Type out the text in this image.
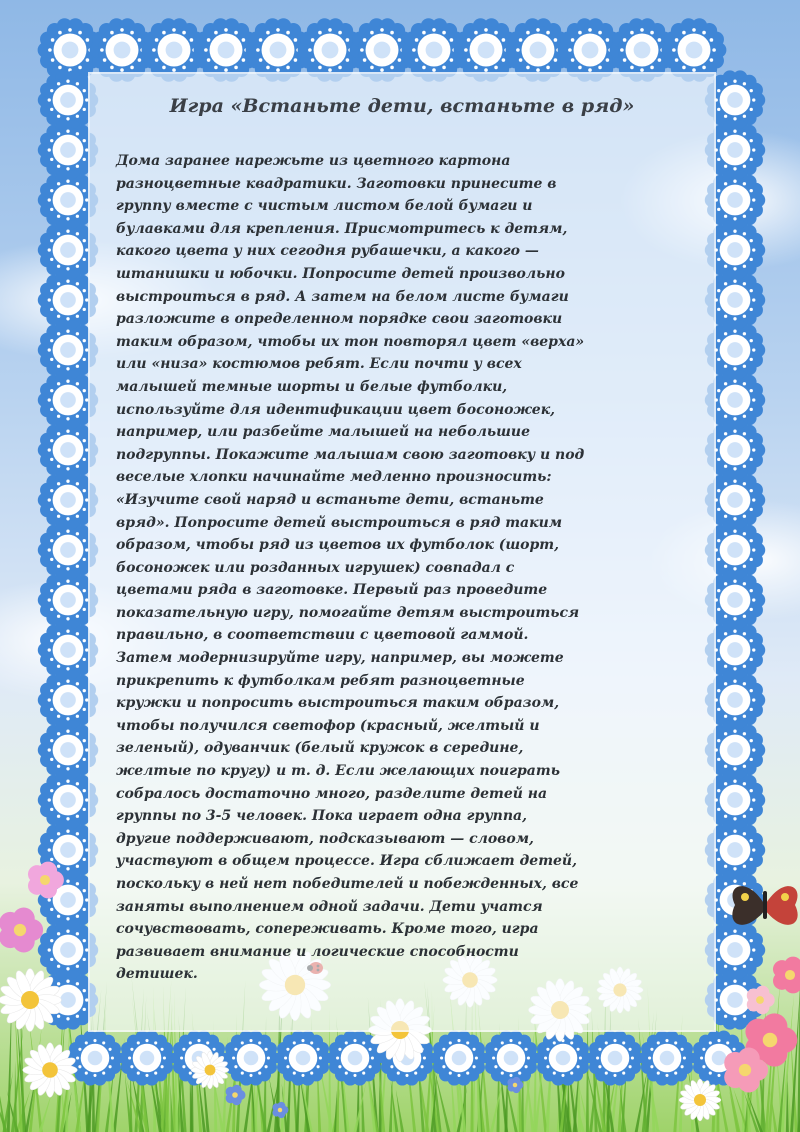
Игра «Встаньте дети, встаньте в ряд»
Дома заранее нарежьте из цветного картона
разноцветные квадратики. Заготовки принесите в
группу вместе с чистым листом белой бумаги и
булавками для крепления. Присмотритесь к детям,
какого цвета у них сегодня рубашечки, а какого —
штанишки и юбочки. Попросите детей произвольно
выстроиться в ряд. А затем на белом листе бумаги
разложите в определенном порядке свои заготовки
таким образом, чтобы их тон повторял цвет «верха»
или «низа» костюмов ребят. Если почти у всех
малышей темные шорты и белые футболки,
используйте для идентификации цвет босоножек,
например, или разбейте малышей на небольшие
подгруппы. Покажите малышам свою заготовку и под
веселые хлопки начинайте медленно произносить:
«Изучите свой наряд и встаньте дети, встаньте
вряд». Попросите детей выстроиться в ряд таким
образом, чтобы ряд из цветов их футболок (шорт,
босоножек или розданных игрушек) совпадал с
цветами ряда в заготовке. Первый раз проведите
показательную игру, помогайте детям выстроиться
правильно, в соответствии с цветовой гаммой.
Затем модернизируйте игру, например, вы можете
прикрепить к футболкам ребят разноцветные
кружки и попросить выстроиться таким образом,
чтобы получился светофор (красный, желтый и
зеленый), одуванчик (белый кружок в середине,
желтые по кругу) и т. д. Если желающих поиграть
собралось достаточно много, разделите детей на
группы по 3-5 человек. Пока играет одна группа,
другие поддерживают, подсказывают — словом,
участвуют в общем процессе. Игра сближает детей,
поскольку в ней нет победителей и побежденных, все
заняты выполнением одной задачи. Дети учатся
сочувствовать, сопереживать. Кроме того, игра
развивает внимание и логические способности
детишек.
